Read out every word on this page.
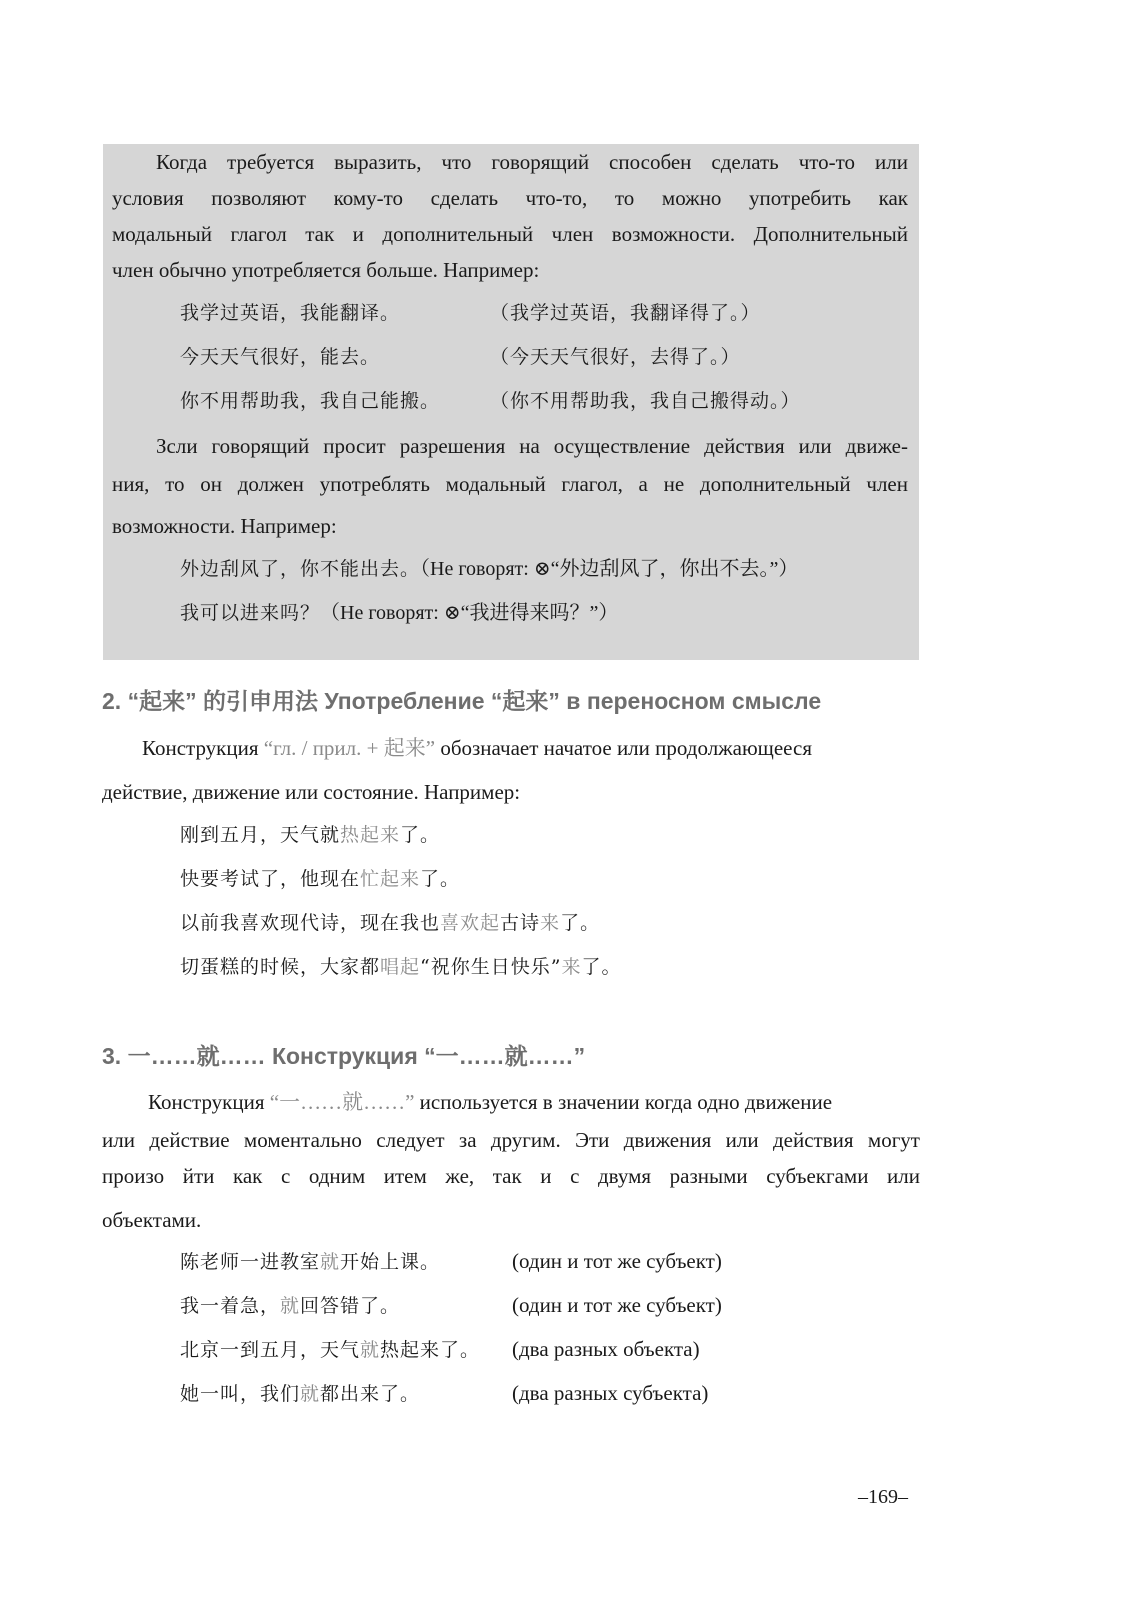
Когда требуется выразить, что говорящий способен сделать что-то или
условия позволяют кому-то сделать что-то, то можно употребить как
модальный глагол так и дополнительный член возможности. Дополнительный
член обычно употребляется больше. Например:
我学过英语，我能翻译。	（我学过英语，我翻译得了。）
今天天气很好，能去。	（今天天气很好，去得了。）
你不用帮助我，我自己能搬。	（你不用帮助我，我自己搬得动。）
Зсли говорящий просит разрешения на осуществление действия или движе-
ния, то он должен употреблять модальный глагол, а не дополнительный член
возможности. Например:
外边刮风了，你不能出去。（Не говорят: ⊗“外边刮风了，你出不去。”）
我可以进来吗？（Не говорят: ⊗“我进得来吗？”）
2. “起来” 的引申用法 Употребление “起来” в переносном смысле
Конструкция “гл. / прил. + 起来” обозначает начатое или продолжающееся
действие, движение или состояние. Например:
刚到五月，天气就热起来了。
快要考试了，他现在忙起来了。
以前我喜欢现代诗，现在我也喜欢起古诗来了。
切蛋糕的时候，大家都唱起“祝你生日快乐”来了。
3. 一……就…… Конструкция “一……就……”
Конструкция “一……就……” используется в значении когда одно движение
или действие моментально следует за другим. Эти движения или действия могут
произо йти как с одним итем же, так и с двумя разными субъекгами или
объектами.
陈老师一进教室就开始上课。	(один и тот же субъект)
我一着急，就回答错了。	(один и тот же субъект)
北京一到五月，天气就热起来了。 (два разных объекта)
她一叫，我们就都出来了。	(два разных субъекта)
–169–
